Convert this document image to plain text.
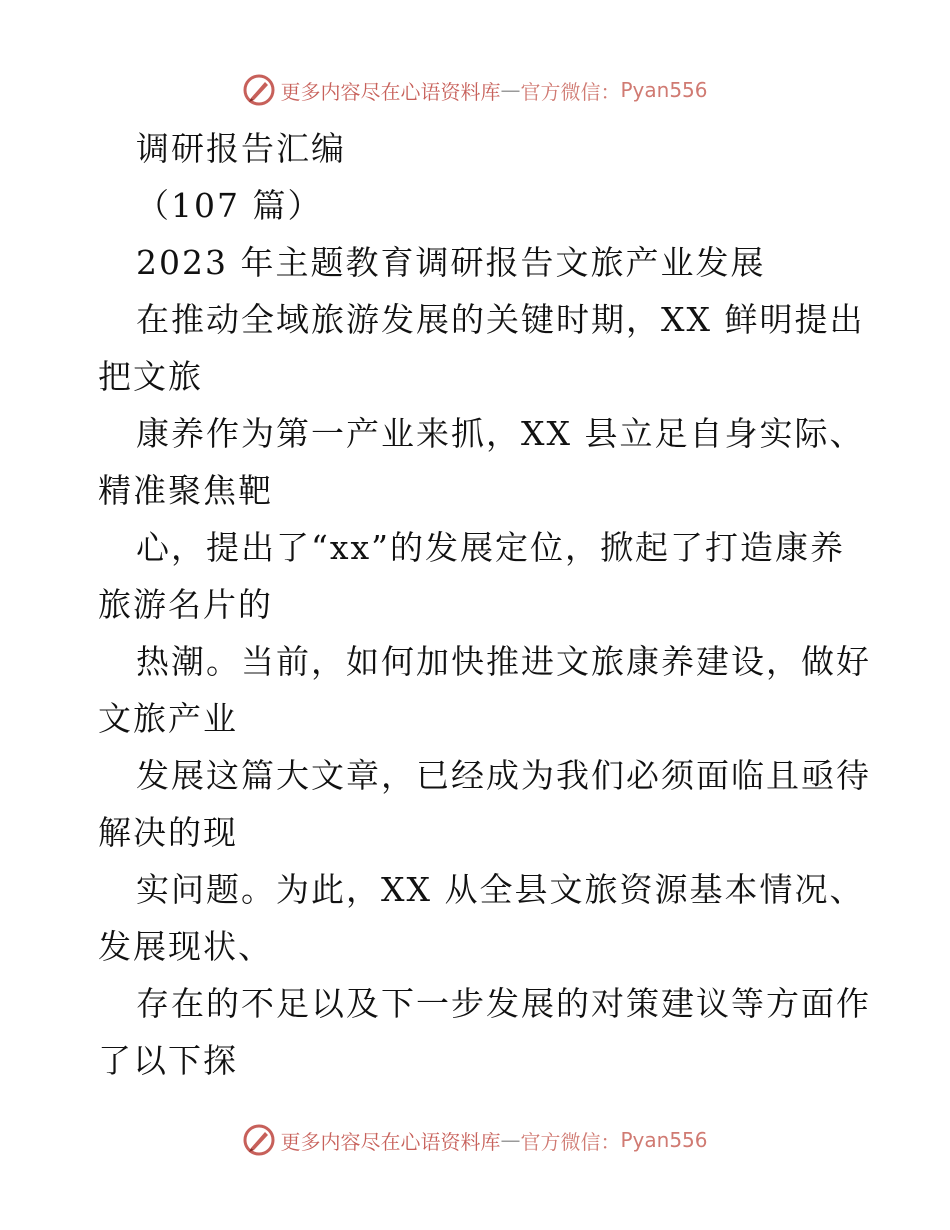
更多内容尽在心语资料库 — 官方微信： Pyan556

调研报告汇编

（107 篇）

2023 年主题教育调研报告文旅产业发展

在推动全域旅游发展的关键时期，XX 鲜明提出

把文旅

康养作为第一产业来抓，XX 县立足自身实际、

精准聚焦靶

心，提出了“xx”的发展定位，掀起了打造康养

旅游名片的

热潮。当前，如何加快推进文旅康养建设，做好

文旅产业

发展这篇大文章，已经成为我们必须面临且亟待

解决的现

实问题。为此，XX 从全县文旅资源基本情况、

发展现状、

存在的不足以及下一步发展的对策建议等方面作

了以下探

更多内容尽在心语资料库 — 官方微信： Pyan556
